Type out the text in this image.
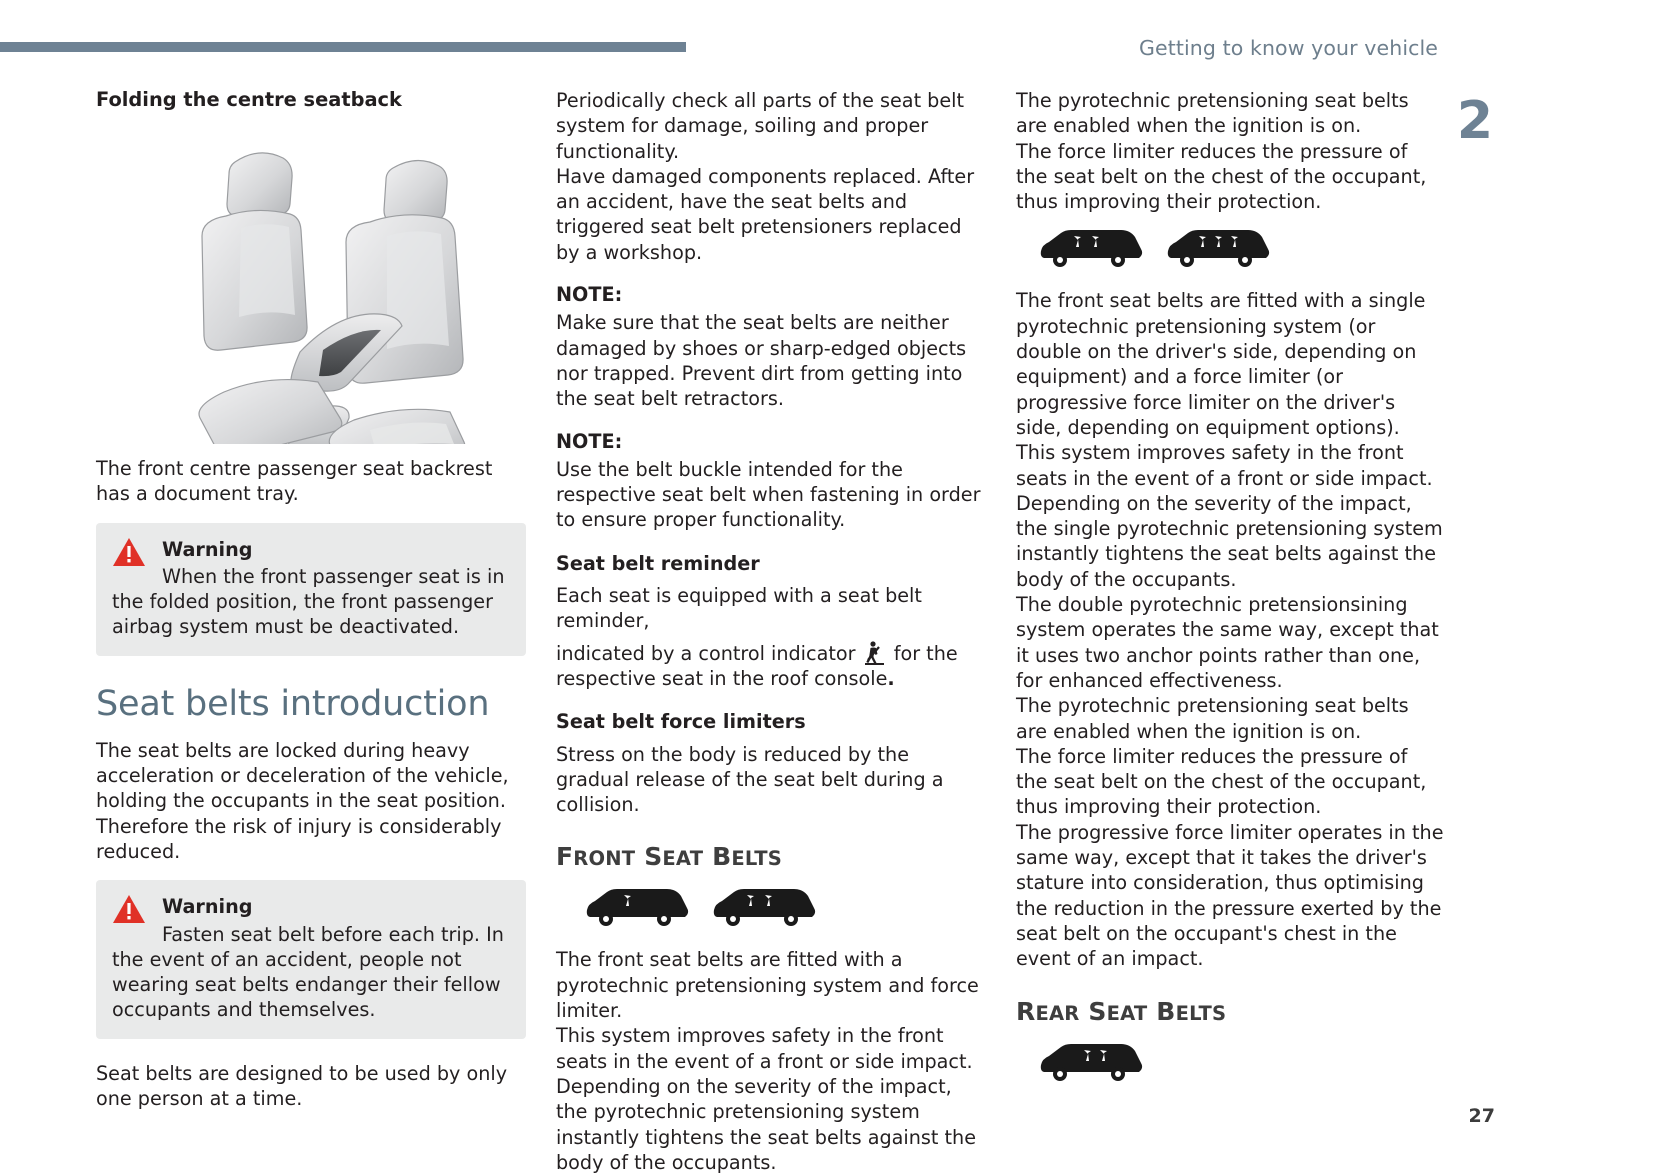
Getting to know your vehicle
2
27
Folding the centre seatback

The front centre passenger seat backrest has a document tray.

Warning
When the front passenger seat is in the folded position, the front passenger airbag system must be deactivated.
Seat belts introduction

The seat belts are locked during heavy acceleration or deceleration of the vehicle, holding the occupants in the seat position. Therefore the risk of injury is considerably reduced.

Warning
Fasten seat belt before each trip. In the event of an accident, people not wearing seat belts endanger their fellow occupants and themselves.

Seat belts are designed to be used by only one person at a time.

Periodically check all parts of the seat belt system for damage, soiling and proper functionality.

Have damaged components replaced. After an accident, have the seat belts and triggered seat belt pretensioners replaced by a workshop.

NOTE:

Make sure that the seat belts are neither damaged by shoes or sharp-edged objects nor trapped. Prevent dirt from getting into the seat belt retractors.

NOTE:

Use the belt buckle intended for the respective seat belt when fastening in order to ensure proper functionality.

Seat belt reminder

Each seat is equipped with a seat belt reminder,

indicated by a control indicator for the respective seat in the roof console.

Seat belt force limiters

Stress on the body is reduced by the gradual release of the seat belt during a collision.

FRONT SEAT BELTS

The front seat belts are fitted with a pyrotechnic pretensioning system and force limiter.

This system improves safety in the front seats in the event of a front or side impact.

Depending on the severity of the impact, the pyrotechnic pretensioning system instantly tightens the seat belts against the body of the occupants.

The pyrotechnic pretensioning seat belts are enabled when the ignition is on.

The force limiter reduces the pressure of the seat belt on the chest of the occupant, thus improving their protection.

The front seat belts are fitted with a single pyrotechnic pretensioning system (or double on the driver's side, depending on equipment) and a force limiter (or progressive force limiter on the driver's side, depending on equipment options).

This system improves safety in the front seats in the event of a front or side impact.

Depending on the severity of the impact, the single pyrotechnic pretensioning system instantly tightens the seat belts against the body of the occupants.

The double pyrotechnic pretensionsining system operates the same way, except that it uses two anchor points rather than one, for enhanced effectiveness.

The pyrotechnic pretensioning seat belts are enabled when the ignition is on.

The force limiter reduces the pressure of the seat belt on the chest of the occupant, thus improving their protection.

The progressive force limiter operates in the same way, except that it takes the driver's stature into consideration, thus optimising the reduction in the pressure exerted by the seat belt on the occupant's chest in the event of an impact.

REAR SEAT BELTS
